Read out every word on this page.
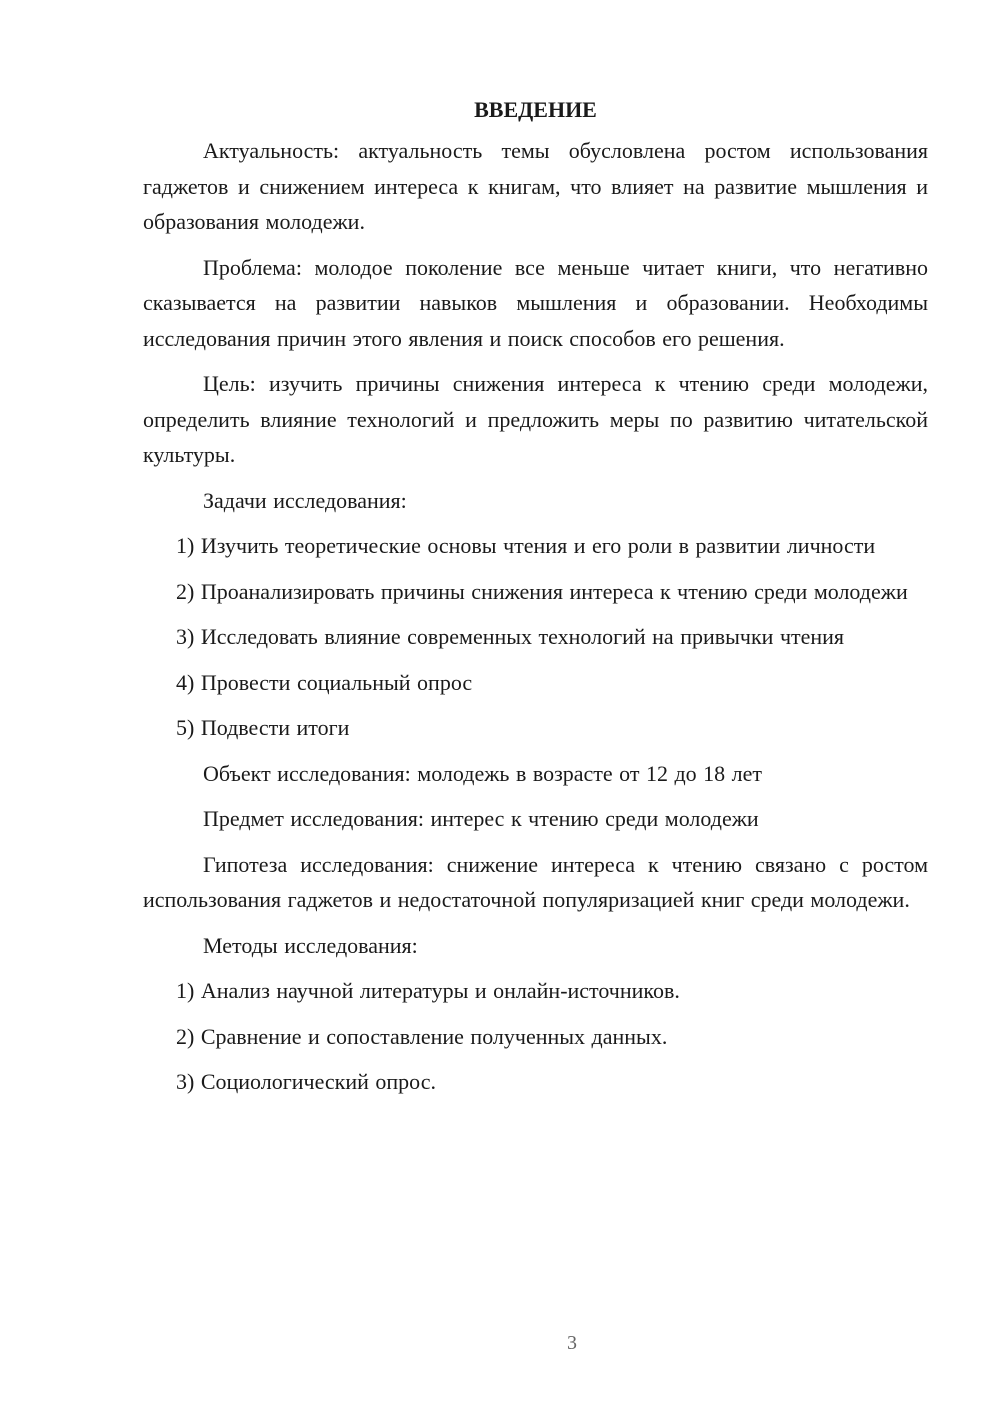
ВВЕДЕНИЕ

Актуальность: актуальность темы обусловлена ростом использования гаджетов и снижением интереса к книгам, что влияет на развитие мышления и образования молодежи.

Проблема: молодое поколение все меньше читает книги, что негативно сказывается на развитии навыков мышления и образовании. Необходимы исследования причин этого явления и поиск способов его решения.

Цель: изучить причины снижения интереса к чтению среди молодежи, определить влияние технологий и предложить меры по развитию читательской культуры.

Задачи исследования:

1) Изучить теоретические основы чтения и его роли в развитии личности

2) Проанализировать причины снижения интереса к чтению среди молодежи

3) Исследовать влияние современных технологий на привычки чтения

4) Провести социальный опрос

5) Подвести итоги

Объект исследования: молодежь в возрасте от 12 до 18 лет

Предмет исследования: интерес к чтению среди молодежи

Гипотеза исследования: снижение интереса к чтению связано с ростом использования гаджетов и недостаточной популяризацией книг среди молодежи.

Методы исследования:

1) Анализ научной литературы и онлайн-источников.

2) Сравнение и сопоставление полученных данных.

3) Социологический опрос.

3
